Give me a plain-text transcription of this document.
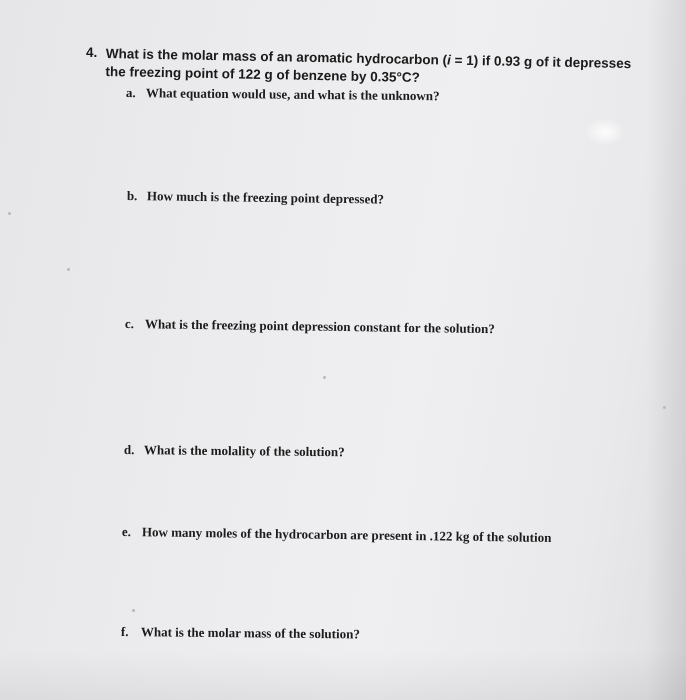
4. What is the molar mass of an aromatic hydrocarbon (i = 1) if 0.93 g of it depresses the freezing point of 122 g of benzene by 0.35°C?
a. What equation would use, and what is the unknown?
b. How much is the freezing point depressed?
c. What is the freezing point depression constant for the solution?
d. What is the molality of the solution?
e. How many moles of the hydrocarbon are present in .122 kg of the solution
f. What is the molar mass of the solution?
